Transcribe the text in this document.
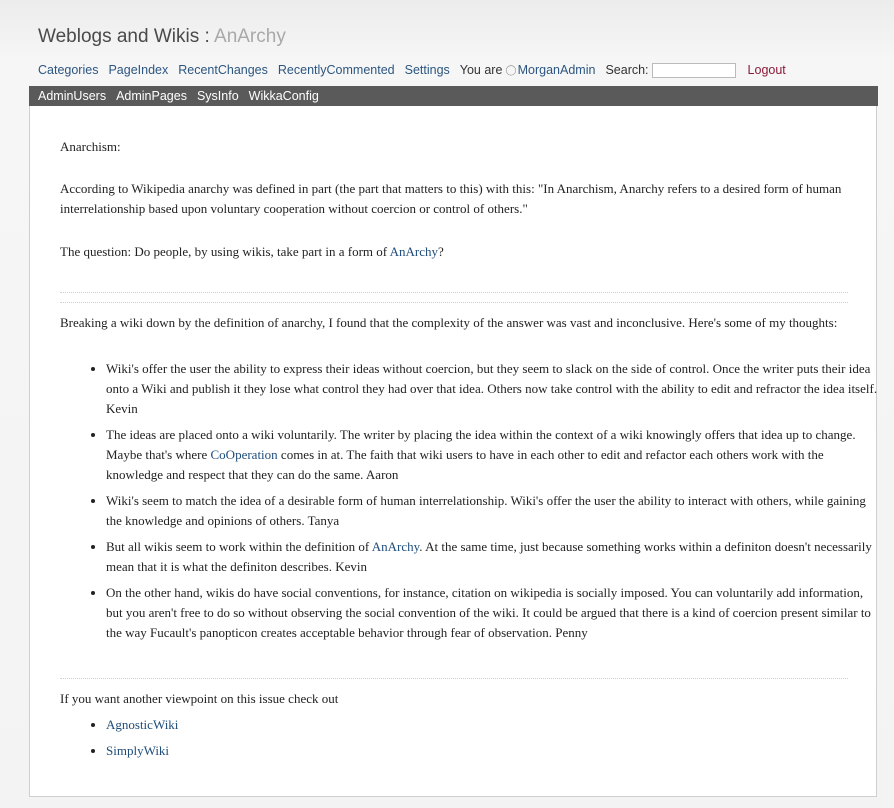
Weblogs and Wikis : AnArchy
Categories PageIndex RecentChanges RecentlyCommented Settings You are ◯MorganAdmin Search:	Logout
AdminUsers AdminPages SysInfo WikkaConfig

Anarchism:

According to Wikipedia anarchy was defined in part (the part that matters to this) with this: "In Anarchism, Anarchy refers to a desired form of human interrelationship based upon voluntary cooperation without coercion or control of others."

The question: Do people, by using wikis, take part in a form of AnArchy?

Breaking a wiki down by the definition of anarchy, I found that the complexity of the answer was vast and inconclusive. Here's some of my thoughts:

• Wiki's offer the user the ability to express their ideas without coercion, but they seem to slack on the side of control. Once the writer puts their idea onto a Wiki and publish it they lose what control they had over that idea. Others now take control with the ability to edit and refractor the idea itself. Kevin
• The ideas are placed onto a wiki voluntarily. The writer by placing the idea within the context of a wiki knowingly offers that idea up to change. Maybe that's where CoOperation comes in at. The faith that wiki users to have in each other to edit and refactor each others work with the knowledge and respect that they can do the same. Aaron
• Wiki's seem to match the idea of a desirable form of human interrelationship. Wiki's offer the user the ability to interact with others, while gaining the knowledge and opinions of others. Tanya
• But all wikis seem to work within the definition of AnArchy. At the same time, just because something works within a definiton doesn't necessarily mean that it is what the definiton describes. Kevin
• On the other hand, wikis do have social conventions, for instance, citation on wikipedia is socially imposed. You can voluntarily add information, but you aren't free to do so without observing the social convention of the wiki. It could be argued that there is a kind of coercion present similar to the way Fucault's panopticon creates acceptable behavior through fear of observation. Penny

If you want another viewpoint on this issue check out

• AgnosticWiki
• SimplyWiki
